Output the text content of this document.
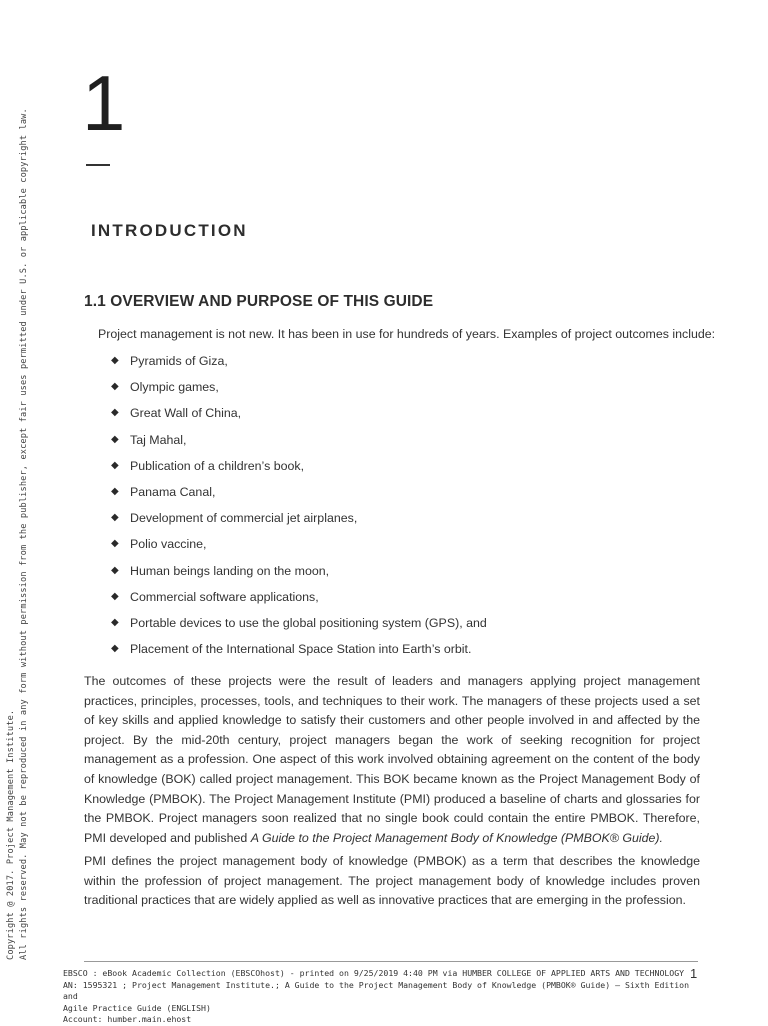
Copyright @ 2017. Project Management Institute. All rights reserved. May not be reproduced in any form without permission from the publisher, except fair uses permitted under U.S. or applicable copyright law.
1
INTRODUCTION
1.1 OVERVIEW AND PURPOSE OF THIS GUIDE
Project management is not new. It has been in use for hundreds of years. Examples of project outcomes include:
◆ Pyramids of Giza,
◆ Olympic games,
◆ Great Wall of China,
◆ Taj Mahal,
◆ Publication of a children’s book,
◆ Panama Canal,
◆ Development of commercial jet airplanes,
◆ Polio vaccine,
◆ Human beings landing on the moon,
◆ Commercial software applications,
◆ Portable devices to use the global positioning system (GPS), and
◆ Placement of the International Space Station into Earth’s orbit.
The outcomes of these projects were the result of leaders and managers applying project management practices, principles, processes, tools, and techniques to their work. The managers of these projects used a set of key skills and applied knowledge to satisfy their customers and other people involved in and affected by the project. By the mid-20th century, project managers began the work of seeking recognition for project management as a profession. One aspect of this work involved obtaining agreement on the content of the body of knowledge (BOK) called project management. This BOK became known as the Project Management Body of Knowledge (PMBOK). The Project Management Institute (PMI) produced a baseline of charts and glossaries for the PMBOK. Project managers soon realized that no single book could contain the entire PMBOK. Therefore, PMI developed and published A Guide to the Project Management Body of Knowledge (PMBOK® Guide).
PMI defines the project management body of knowledge (PMBOK) as a term that describes the knowledge within the profession of project management. The project management body of knowledge includes proven traditional practices that are widely applied as well as innovative practices that are emerging in the profession.
EBSCO : eBook Academic Collection (EBSCOhost) - printed on 9/25/2019 4:40 PM via HUMBER COLLEGE OF APPLIED ARTS AND TECHNOLOGY
AN: 1595321 ; Project Management Institute.; A Guide to the Project Management Body of Knowledge (PMBOK® Guide) – Sixth Edition and
Agile Practice Guide (ENGLISH)
Account: humber.main.ehost
1
